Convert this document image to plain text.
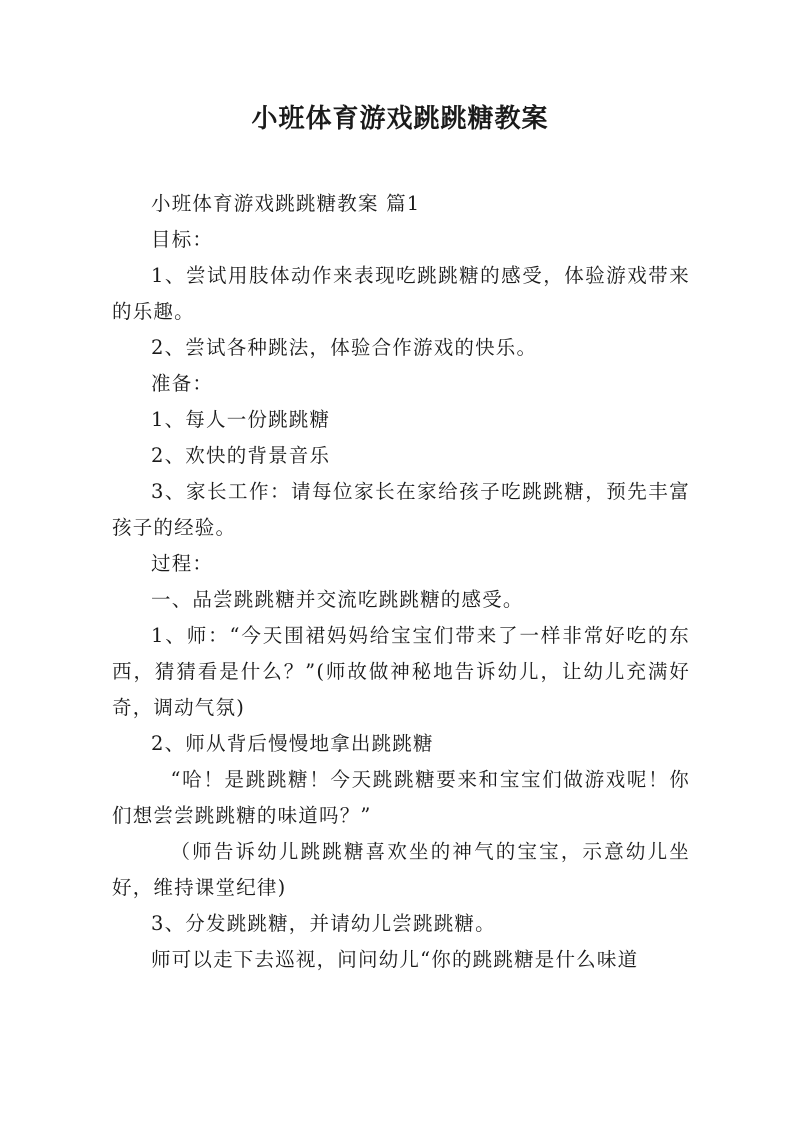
小班体育游戏跳跳糖教案

小班体育游戏跳跳糖教案 篇1

目标：

1、尝试用肢体动作来表现吃跳跳糖的感受，体验游戏带来的乐趣。

2、尝试各种跳法，体验合作游戏的快乐。

准备：

1、每人一份跳跳糖

2、欢快的背景音乐

3、家长工作：请每位家长在家给孩子吃跳跳糖，预先丰富孩子的经验。

过程：

一、品尝跳跳糖并交流吃跳跳糖的感受。

1、师：“今天围裙妈妈给宝宝们带来了一样非常好吃的东西，猜猜看是什么？”(师故做神秘地告诉幼儿，让幼儿充满好奇，调动气氛)

2、师从背后慢慢地拿出跳跳糖

“哈！是跳跳糖！今天跳跳糖要来和宝宝们做游戏呢！你们想尝尝跳跳糖的味道吗？”

（师告诉幼儿跳跳糖喜欢坐的神气的宝宝，示意幼儿坐好，维持课堂纪律)

3、分发跳跳糖，并请幼儿尝跳跳糖。

师可以走下去巡视，问问幼儿“你的跳跳糖是什么味道
